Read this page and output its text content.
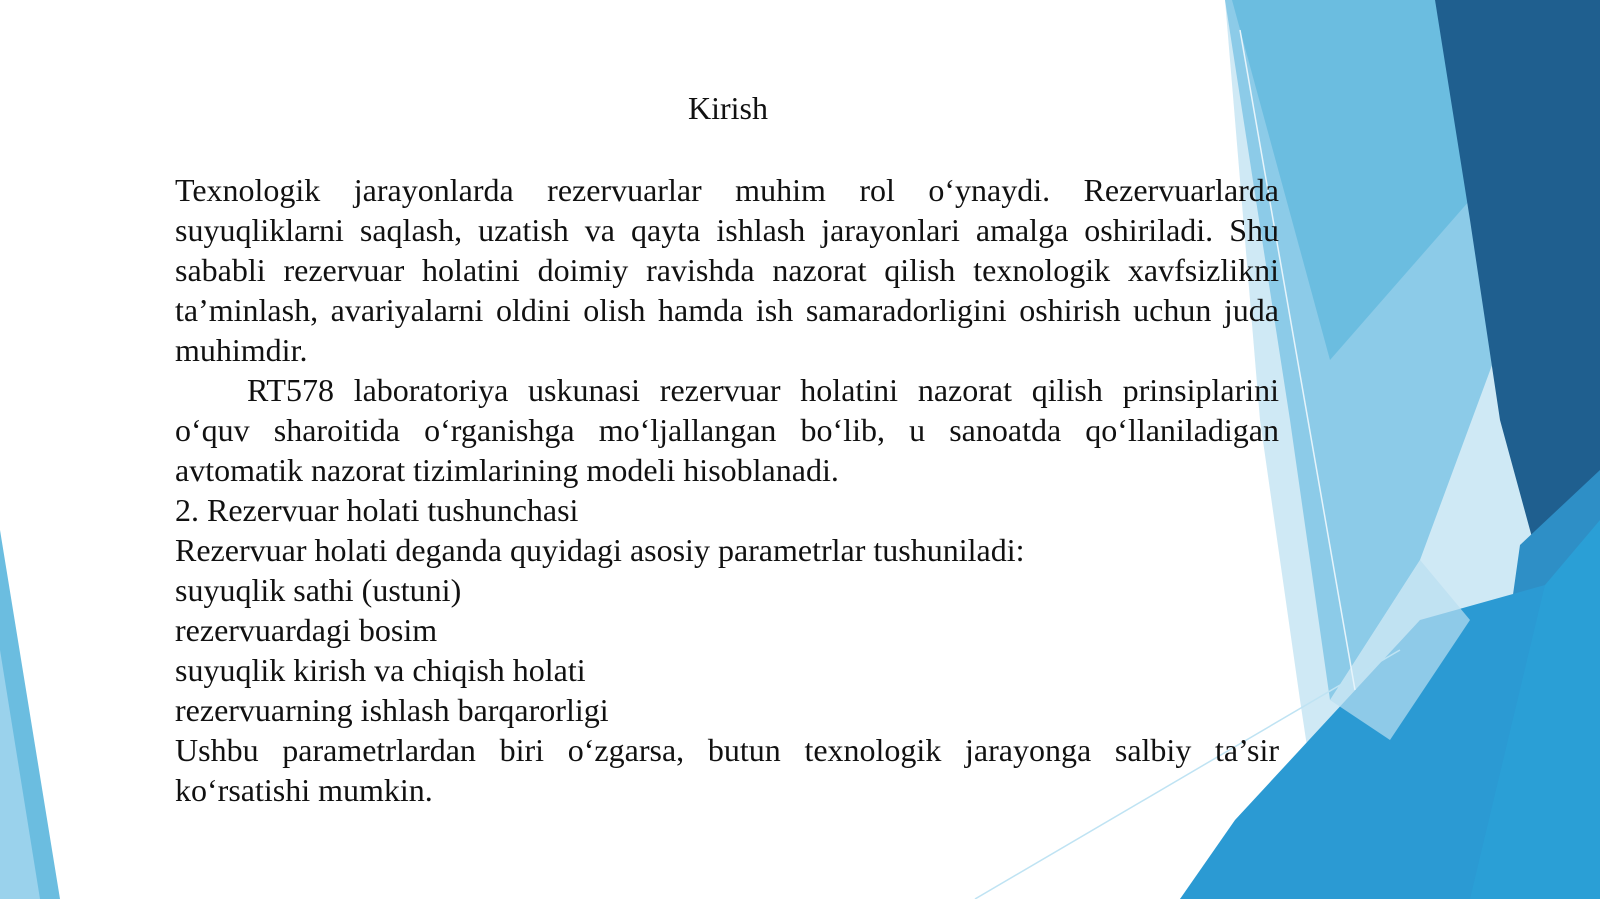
Kirish

Texnologik jarayonlarda rezervuarlar muhim rol o‘ynaydi. Rezervuarlarda suyuqliklarni saqlash, uzatish va qayta ishlash jarayonlari amalga oshiriladi. Shu sababli rezervuar holatini doimiy ravishda nazorat qilish texnologik xavfsizlikni ta’minlash, avariyalarni oldini olish hamda ish samaradorligini oshirish uchun juda muhimdir.

RT578 laboratoriya uskunasi rezervuar holatini nazorat qilish prinsiplarini o‘quv sharoitida o‘rganishga mo‘ljallangan bo‘lib, u sanoatda qo‘llaniladigan avtomatik nazorat tizimlarining modeli hisoblanadi.

2. Rezervuar holati tushunchasi

Rezervuar holati deganda quyidagi asosiy parametrlar tushuniladi:

suyuqlik sathi (ustuni)

rezervuardagi bosim

suyuqlik kirish va chiqish holati

rezervuarning ishlash barqarorligi

Ushbu parametrlardan biri o‘zgarsa, butun texnologik jarayonga salbiy ta’sir ko‘rsatishi mumkin.
